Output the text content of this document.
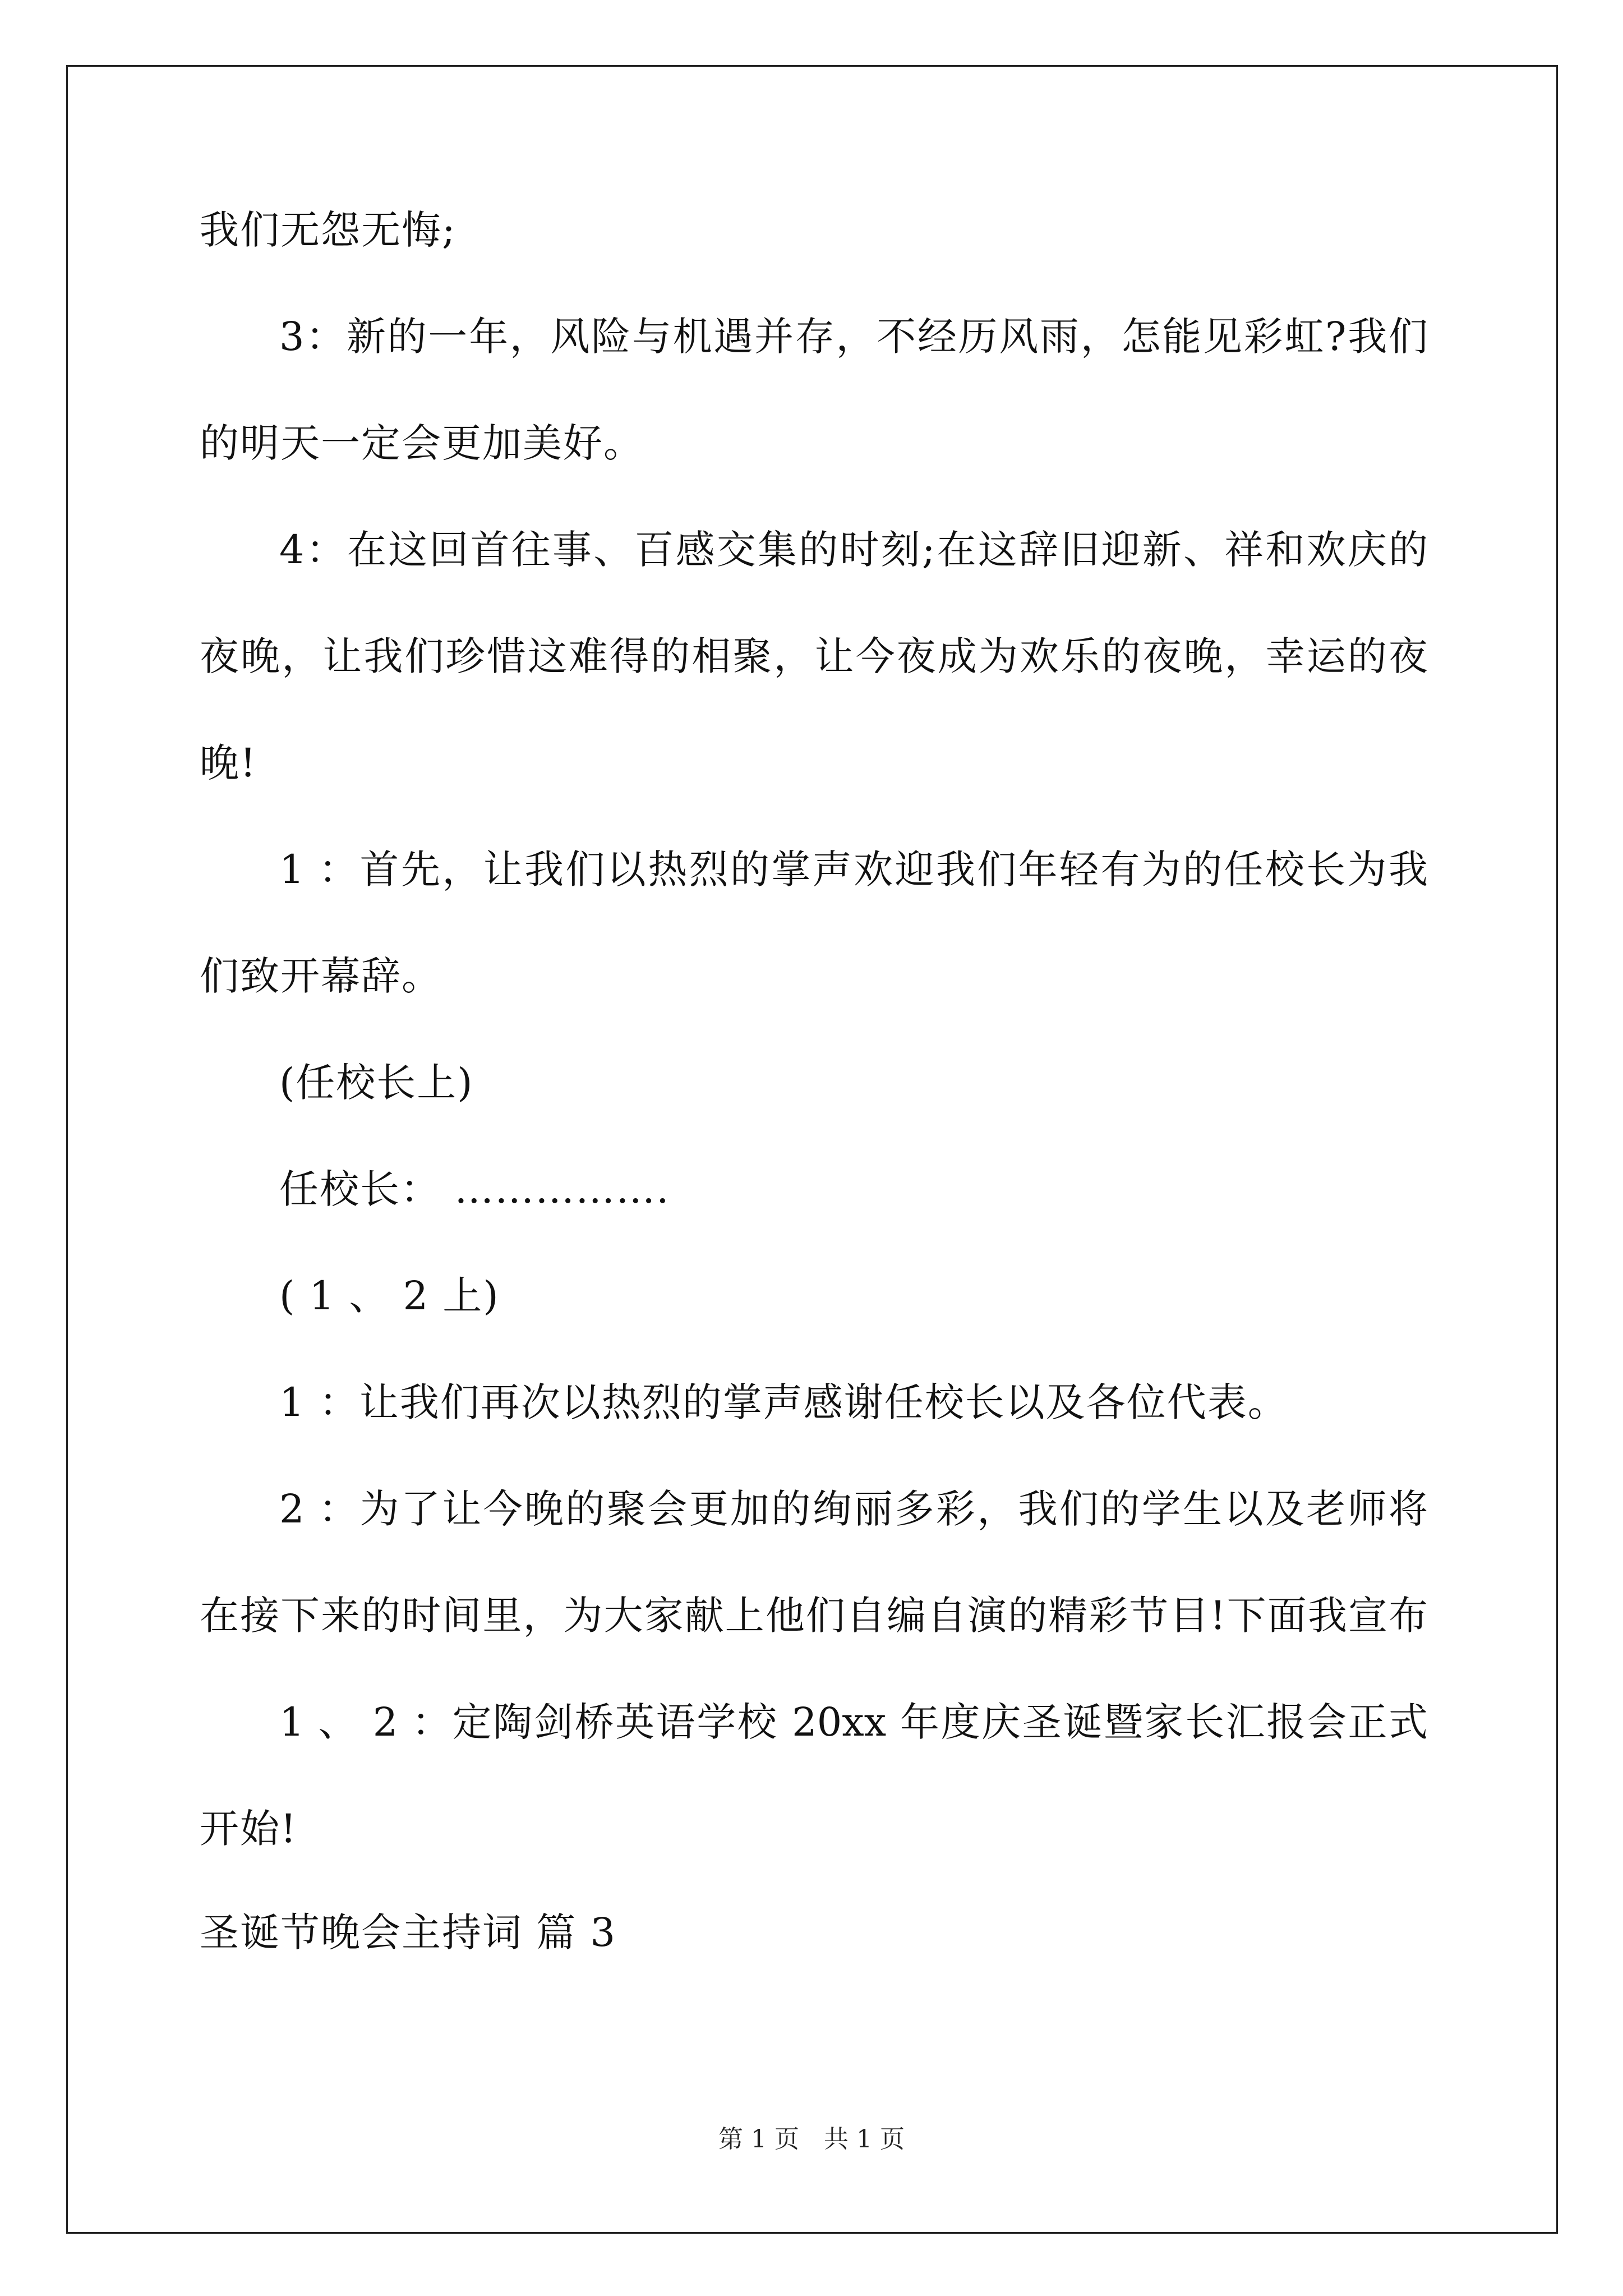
我们无怨无悔;
3：新的一年，风险与机遇并存，不经历风雨，怎能见彩虹?我们
的明天一定会更加美好。
4：在这回首往事、百感交集的时刻;在这辞旧迎新、祥和欢庆的
夜晚，让我们珍惜这难得的相聚，让今夜成为欢乐的夜晚，幸运的夜
晚!
1 ：首先，让我们以热烈的掌声欢迎我们年轻有为的任校长为我
们致开幕辞。
(任校长上)
任校长： …………….
( 1 、 2 上)
1 ：让我们再次以热烈的掌声感谢任校长以及各位代表。
2 ：为了让今晚的聚会更加的绚丽多彩，我们的学生以及老师将
在接下来的时间里，为大家献上他们自编自演的精彩节目!下面我宣布
1 、 2 ：定陶剑桥英语学校 20xx 年度庆圣诞暨家长汇报会正式
开始!
圣诞节晚会主持词 篇 3
第 1 页　共 1 页
